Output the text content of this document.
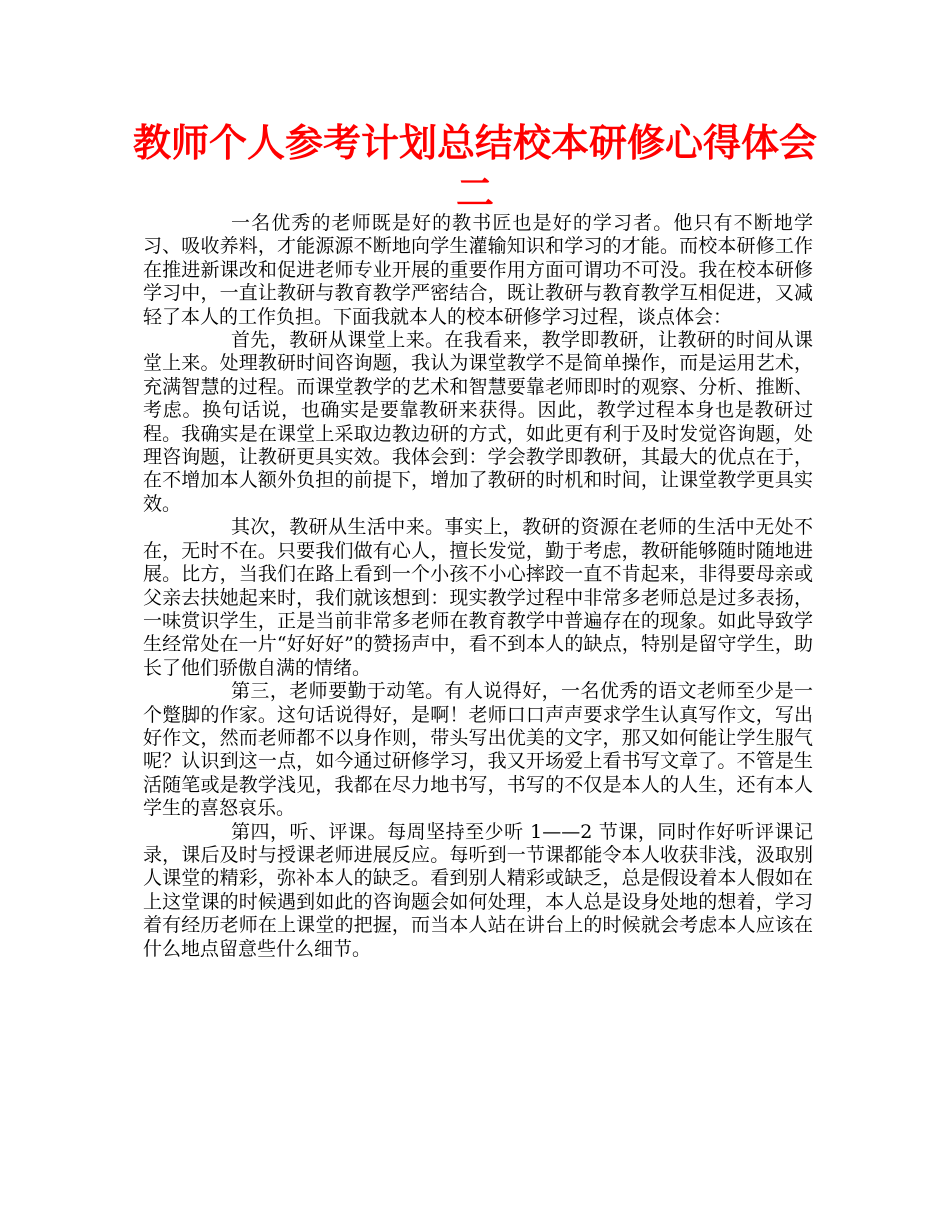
教师个人参考计划总结校本研修心得体会二

一名优秀的老师既是好的教书匠也是好的学习者。他只有不断地学习、吸收养料，才能源源不断地向学生灌输知识和学习的才能。而校本研修工作在推进新课改和促进老师专业开展的重要作用方面可谓功不可没。我在校本研修学习中，一直让教研与教育教学严密结合，既让教研与教育教学互相促进，又减轻了本人的工作负担。下面我就本人的校本研修学习过程，谈点体会：

首先，教研从课堂上来。在我看来，教学即教研，让教研的时间从课堂上来。处理教研时间咨询题，我认为课堂教学不是简单操作，而是运用艺术，充满智慧的过程。而课堂教学的艺术和智慧要靠老师即时的观察、分析、推断、考虑。换句话说，也确实是要靠教研来获得。因此，教学过程本身也是教研过程。我确实是在课堂上采取边教边研的方式，如此更有利于及时发觉咨询题，处理咨询题，让教研更具实效。我体会到：学会教学即教研，其最大的优点在于，在不增加本人额外负担的前提下，增加了教研的时机和时间，让课堂教学更具实效。

其次，教研从生活中来。事实上，教研的资源在老师的生活中无处不在，无时不在。只要我们做有心人，擅长发觉，勤于考虑，教研能够随时随地进展。比方，当我们在路上看到一个小孩不小心摔跤一直不肯起来，非得要母亲或父亲去扶她起来时，我们就该想到：现实教学过程中非常多老师总是过多表扬，一味赏识学生，正是当前非常多老师在教育教学中普遍存在的现象。如此导致学生经常处在一片“好好好”的赞扬声中，看不到本人的缺点，特别是留守学生，助长了他们骄傲自满的情绪。

第三，老师要勤于动笔。有人说得好，一名优秀的语文老师至少是一个蹩脚的作家。这句话说得好，是啊！老师口口声声要求学生认真写作文，写出好作文，然而老师都不以身作则，带头写出优美的文字，那又如何能让学生服气呢？认识到这一点，如今通过研修学习，我又开场爱上看书写文章了。不管是生活随笔或是教学浅见，我都在尽力地书写，书写的不仅是本人的人生，还有本人学生的喜怒哀乐。

第四，听、评课。每周坚持至少听 1——2 节课，同时作好听评课记录，课后及时与授课老师进展反应。每听到一节课都能令本人收获非浅，汲取别人课堂的精彩，弥补本人的缺乏。看到别人精彩或缺乏，总是假设着本人假如在上这堂课的时候遇到如此的咨询题会如何处理，本人总是设身处地的想着，学习着有经历老师在上课堂的把握，而当本人站在讲台上的时候就会考虑本人应该在什么地点留意些什么细节。
